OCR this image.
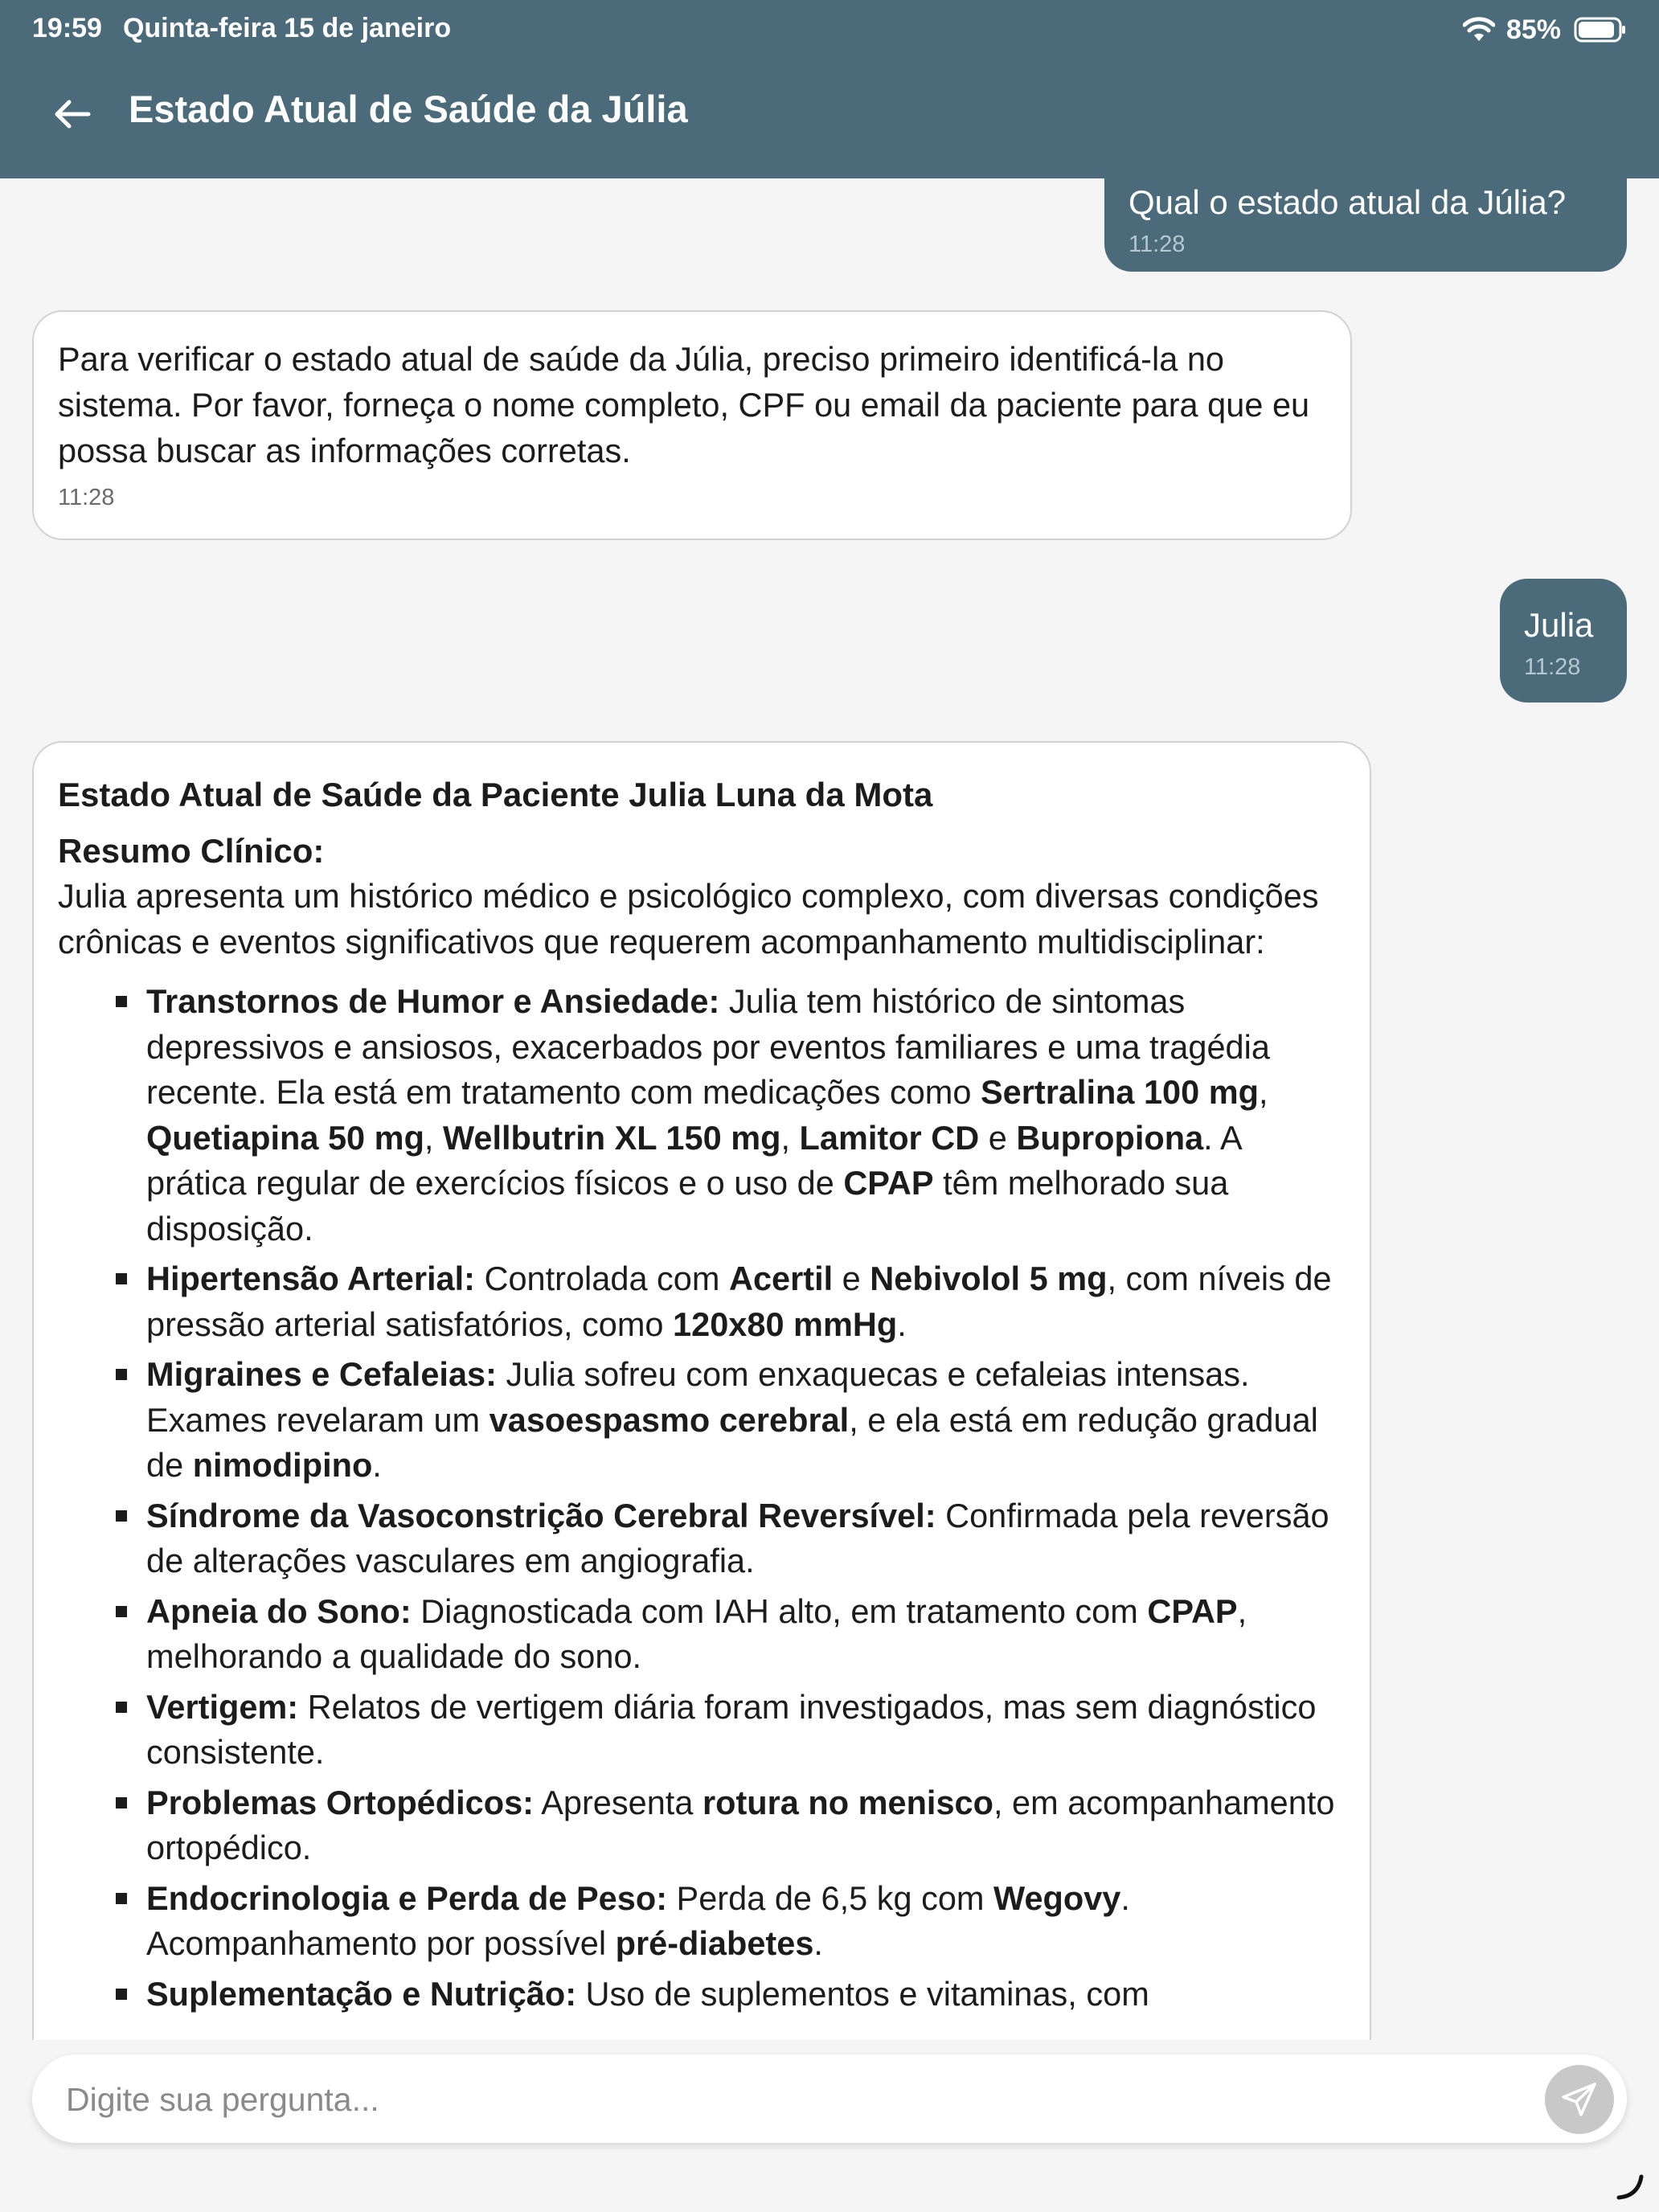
19:59 Quinta-feira 15 de janeiro	85%
Estado Atual de Saúde da Júlia
Qual o estado atual da Júlia?
11:28
Para verificar o estado atual de saúde da Júlia, preciso primeiro identificá-la no sistema. Por favor, forneça o nome completo, CPF ou email da paciente para que eu possa buscar as informações corretas.
11:28
Julia
11:28
Estado Atual de Saúde da Paciente Julia Luna da Mota
Resumo Clínico:
Julia apresenta um histórico médico e psicológico complexo, com diversas condições crônicas e eventos significativos que requerem acompanhamento multidisciplinar:
Transtornos de Humor e Ansiedade: Julia tem histórico de sintomas depressivos e ansiosos, exacerbados por eventos familiares e uma tragédia recente. Ela está em tratamento com medicações como Sertralina 100 mg, Quetiapina 50 mg, Wellbutrin XL 150 mg, Lamitor CD e Bupropiona. A prática regular de exercícios físicos e o uso de CPAP têm melhorado sua disposição.
Hipertensão Arterial: Controlada com Acertil e Nebivolol 5 mg, com níveis de pressão arterial satisfatórios, como 120x80 mmHg.
Migraines e Cefaleias: Julia sofreu com enxaquecas e cefaleias intensas. Exames revelaram um vasoespasmo cerebral, e ela está em redução gradual de nimodipino.
Síndrome da Vasoconstrição Cerebral Reversível: Confirmada pela reversão de alterações vasculares em angiografia.
Apneia do Sono: Diagnosticada com IAH alto, em tratamento com CPAP, melhorando a qualidade do sono.
Vertigem: Relatos de vertigem diária foram investigados, mas sem diagnóstico consistente.
Problemas Ortopédicos: Apresenta rotura no menisco, em acompanhamento ortopédico.
Endocrinologia e Perda de Peso: Perda de 6,5 kg com Wegovy. Acompanhamento por possível pré-diabetes.
Suplementação e Nutrição: Uso de suplementos e vitaminas, com
Digite sua pergunta...
